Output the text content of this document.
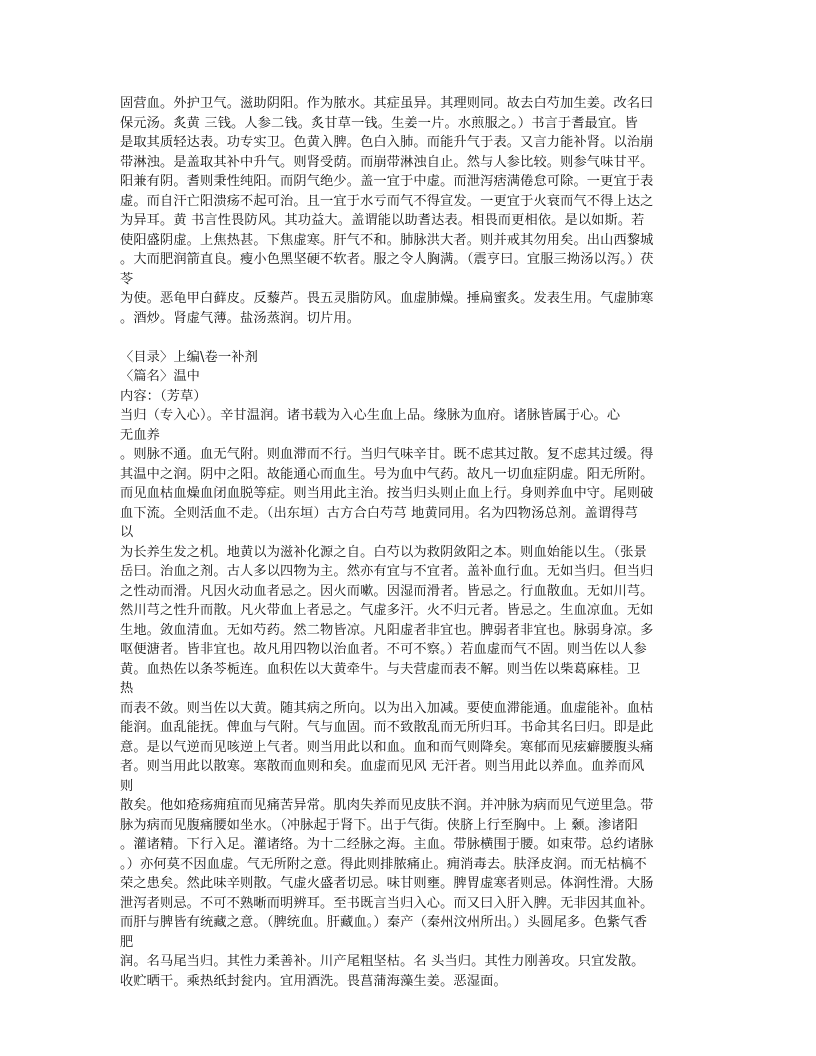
固营血。外护卫气。滋助阴阳。作为脓水。其症虽异。其理则同。故去白芍加生姜。改名曰
保元汤。炙黄 三钱。人参二钱。炙甘草一钱。生姜一片。水煎服之。）书言于耆最宜。皆
是取其质轻达表。功专实卫。色黄入脾。色白入肺。而能升气于表。又言力能补肾。以治崩
带淋浊。是盖取其补中升气。则肾受荫。而崩带淋浊自止。然与人参比较。则参气味甘平。
阳兼有阴。耆则秉性纯阳。而阴气绝少。盖一宜于中虚。而泄泻痞满倦怠可除。一更宜于表
虚。而自汗亡阳溃疡不起可治。且一宜于水亏而气不得宣发。一更宜于火衰而气不得上达之
为异耳。黄 书言性畏防风。其功益大。盖谓能以助耆达表。相畏而更相依。是以如斯。若
使阳盛阴虚。上焦热甚。下焦虚寒。肝气不和。肺脉洪大者。则并戒其勿用矣。出山西黎城
。大而肥润箭直良。瘦小色黑坚硬不软者。服之令人胸满。（震亨曰。宜服三拗汤以泻。）茯
苓
为使。恶龟甲白藓皮。反藜芦。畏五灵脂防风。血虚肺燥。捶扁蜜炙。发表生用。气虚肺寒
。酒炒。肾虚气薄。盐汤蒸润。切片用。
〈目录〉上编\卷一补剂
〈篇名〉温中
内容：（芳草）
当归（专入心）。辛甘温润。诸书载为入心生血上品。缘脉为血府。诸脉皆属于心。心
无血养
。则脉不通。血无气附。则血滞而不行。当归气味辛甘。既不虑其过散。复不虑其过缓。得
其温中之润。阴中之阳。故能通心而血生。号为血中气药。故凡一切血症阴虚。阳无所附。
而见血枯血燥血闭血脱等症。则当用此主治。按当归头则止血上行。身则养血中守。尾则破
血下流。全则活血不走。（出东垣）古方合白芍芎 地黄同用。名为四物汤总剂。盖谓得芎
以
为长养生发之机。地黄以为滋补化源之自。白芍以为救阴敛阳之本。则血始能以生。（张景
岳曰。治血之剂。古人多以四物为主。然亦有宜与不宜者。盖补血行血。无如当归。但当归
之性动而滑。凡因火动血者忌之。因火而嗽。因湿而滑者。皆忌之。行血散血。无如川芎。
然川芎之性升而散。凡火带血上者忌之。气虚多汗。火不归元者。皆忌之。生血凉血。无如
生地。敛血清血。无如芍药。然二物皆凉。凡阳虚者非宜也。脾弱者非宜也。脉弱身凉。多
呕便溏者。皆非宜也。故凡用四物以治血者。不可不察。）若血虚而气不固。则当佐以人参
黄。血热佐以条芩栀连。血积佐以大黄牵牛。与夫营虚而表不解。则当佐以柴葛麻桂。卫
热
而表不敛。则当佐以大黄。随其病之所向。以为出入加减。要使血滞能通。血虚能补。血枯
能润。血乱能抚。俾血与气附。气与血固。而不致散乱而无所归耳。书命其名曰归。即是此
意。是以气逆而见咳逆上气者。则当用此以和血。血和而气则降矣。寒郁而见痃癖腰腹头痛
者。则当用此以散寒。寒散而血则和矣。血虚而见风 无汗者。则当用此以养血。血养而风
则
散矣。他如疮疡痈疽而见痛苦异常。肌肉失养而见皮肤不润。并冲脉为病而见气逆里急。带
脉为病而见腹痛腰如坐水。（冲脉起于肾下。出于气街。侠脐上行至胸中。上 颡。渗诸阳
。灌诸精。下行入足。灌诸络。为十二经脉之海。主血。带脉横围于腰。如束带。总约诸脉
。）亦何莫不因血虚。气无所附之意。得此则排脓痛止。痈消毒去。肤泽皮润。而无枯槁不
荣之患矣。然此味辛则散。气虚火盛者切忌。味甘则壅。脾胃虚寒者则忌。体润性滑。大肠
泄泻者则忌。不可不熟晰而明辨耳。至书既言当归入心。而又曰入肝入脾。无非因其血补。
而肝与脾皆有统藏之意。（脾统血。肝藏血。）秦产（秦州汶州所出。）头圆尾多。色紫气香
肥
润。名马尾当归。其性力柔善补。川产尾粗坚枯。名 头当归。其性力刚善攻。只宜发散。
收贮晒干。乘热纸封瓮内。宜用酒洗。畏菖蒲海藻生姜。恶湿面。
